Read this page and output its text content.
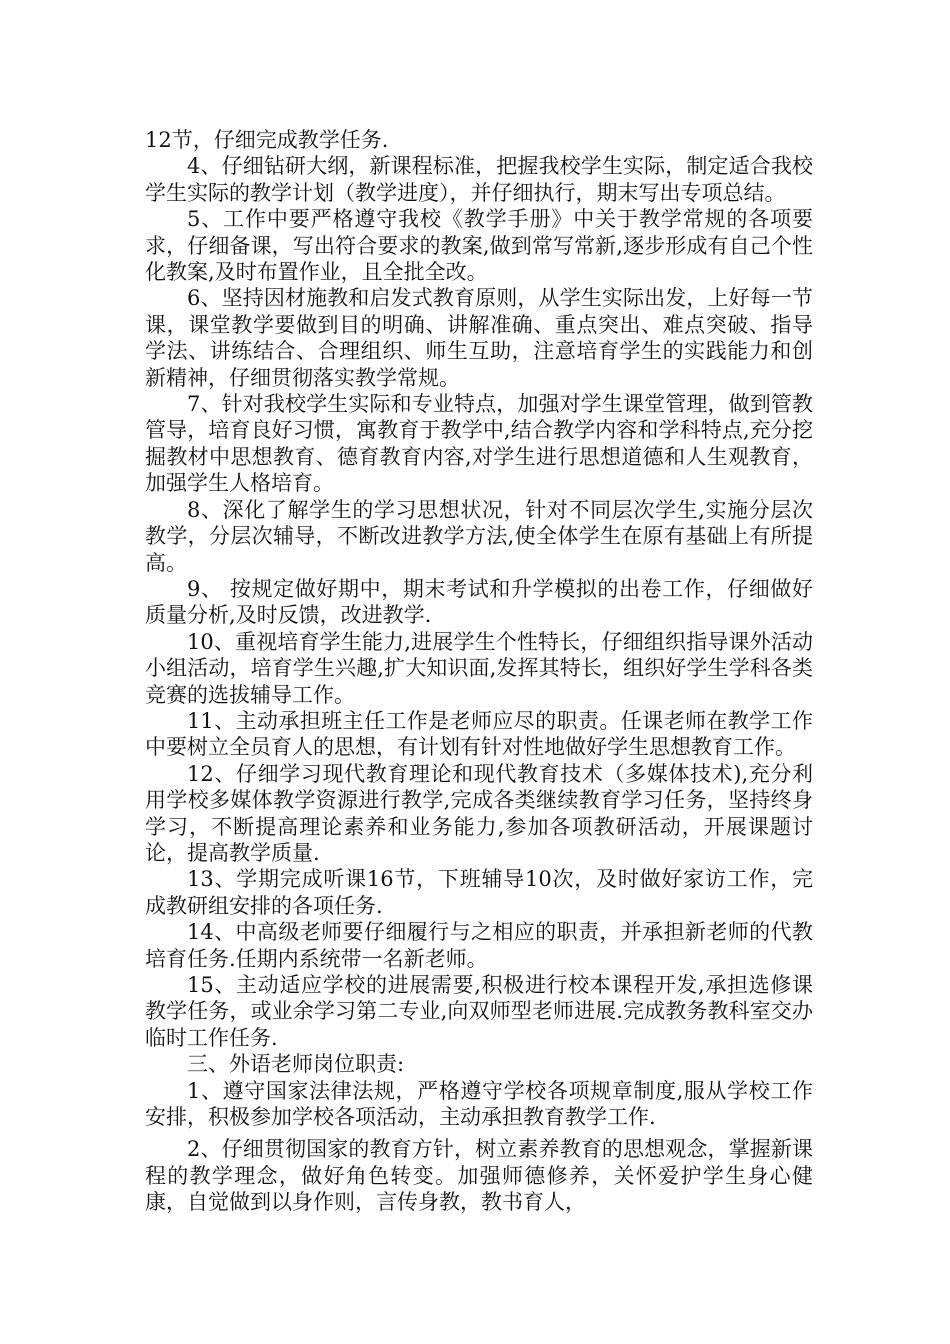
12节，仔细完成教学任务.

4、仔细钻研大纲，新课程标准，把握我校学生实际，制定适合我校学生实际的教学计划（教学进度），并仔细执行，期末写出专项总结。

5、工作中要严格遵守我校《教学手册》中关于教学常规的各项要求，仔细备课，写出符合要求的教案,做到常写常新,逐步形成有自己个性化教案,及时布置作业，且全批全改。

6、坚持因材施教和启发式教育原则，从学生实际出发，上好每一节课，课堂教学要做到目的明确、讲解准确、重点突出、难点突破、指导学法、讲练结合、合理组织、师生互助，注意培育学生的实践能力和创新精神，仔细贯彻落实教学常规。

7、针对我校学生实际和专业特点，加强对学生课堂管理，做到管教管导，培育良好习惯，寓教育于教学中,结合教学内容和学科特点,充分挖掘教材中思想教育、德育教育内容,对学生进行思想道德和人生观教育，加强学生人格培育。

8、深化了解学生的学习思想状况，针对不同层次学生,实施分层次教学，分层次辅导，不断改进教学方法,使全体学生在原有基础上有所提高。

9、 按规定做好期中，期末考试和升学模拟的出卷工作，仔细做好质量分析,及时反馈，改进教学.

10、重视培育学生能力,进展学生个性特长，仔细组织指导课外活动小组活动，培育学生兴趣,扩大知识面,发挥其特长，组织好学生学科各类竞赛的选拔辅导工作。

11、主动承担班主任工作是老师应尽的职责。任课老师在教学工作中要树立全员育人的思想，有计划有针对性地做好学生思想教育工作。

12、仔细学习现代教育理论和现代教育技术（多媒体技术),充分利用学校多媒体教学资源进行教学,完成各类继续教育学习任务，坚持终身学习，不断提高理论素养和业务能力,参加各项教研活动，开展课题讨论，提高教学质量.

13、学期完成听课16节，下班辅导10次，及时做好家访工作，完成教研组安排的各项任务.

14、中高级老师要仔细履行与之相应的职责，并承担新老师的代教培育任务.任期内系统带一名新老师。

15、主动适应学校的进展需要,积极进行校本课程开发,承担选修课教学任务，或业余学习第二专业,向双师型老师进展.完成教务教科室交办临时工作任务.

三、外语老师岗位职责:

1、遵守国家法律法规，严格遵守学校各项规章制度,服从学校工作安排，积极参加学校各项活动，主动承担教育教学工作.

2、仔细贯彻国家的教育方针，树立素养教育的思想观念，掌握新课程的教学理念，做好角色转变。加强师德修养，关怀爱护学生身心健康，自觉做到以身作则，言传身教，教书育人，
